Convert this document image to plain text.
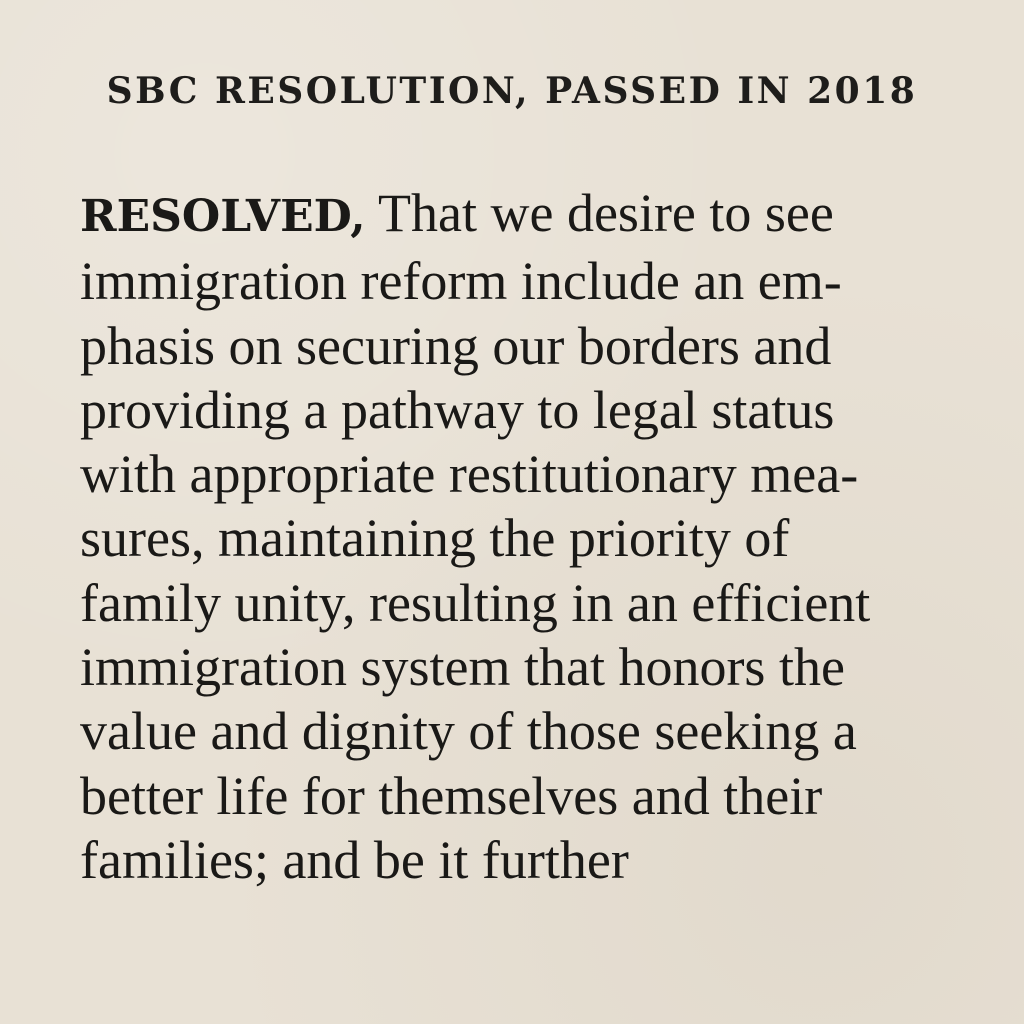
SBC RESOLUTION, PASSED IN 2018
RESOLVED, That we desire to see
immigration reform include an em-
phasis on securing our borders and
providing a pathway to legal status
with appropriate restitutionary mea-
sures, maintaining the priority of
family unity, resulting in an efficient
immigration system that honors the
value and dignity of those seeking a
better life for themselves and their
families; and be it further
